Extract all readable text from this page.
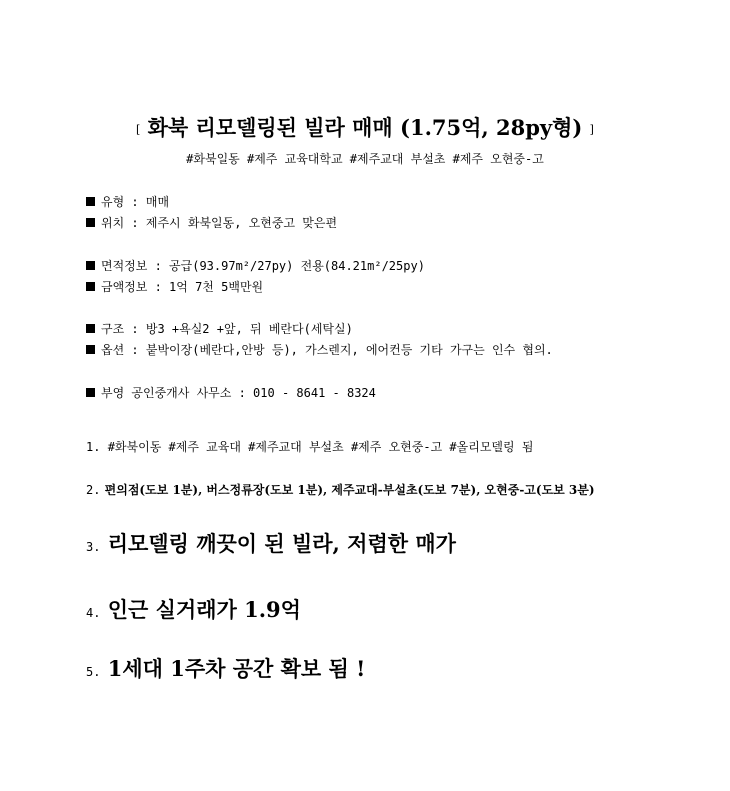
[ 화북 리모델링된 빌라 매매 (1.75억, 28py형) ]
#화북일동 #제주 교육대학교 #제주교대 부설초 #제주 오현중-고
유형 : 매매
위치 : 제주시 화북일동, 오현중고 맞은편
면적정보 : 공급(93.97m²/27py) 전용(84.21m²/25py)
금액정보 : 1억 7천 5백만원
구조 : 방3 +욕실2 +앞, 뒤 베란다(세탁실)
옵션 : 붙박이장(베란다,안방 등), 가스렌지, 에어컨등 기타 가구는 인수 협의.
부영 공인중개사 사무소 : 010 - 8641 - 8324
1. #화북이동 #제주 교육대 #제주교대 부설초 #제주 오현중-고 #올리모델링 됨
2. 편의점(도보 1분), 버스정류장(도보 1분), 제주교대-부설초(도보 7분), 오현중-고(도보 3분)
3. 리모델링 깨끗이 된 빌라, 저렴한 매가
4. 인근 실거래가 1.9억
5. 1세대 1주차 공간 확보 됨 !
